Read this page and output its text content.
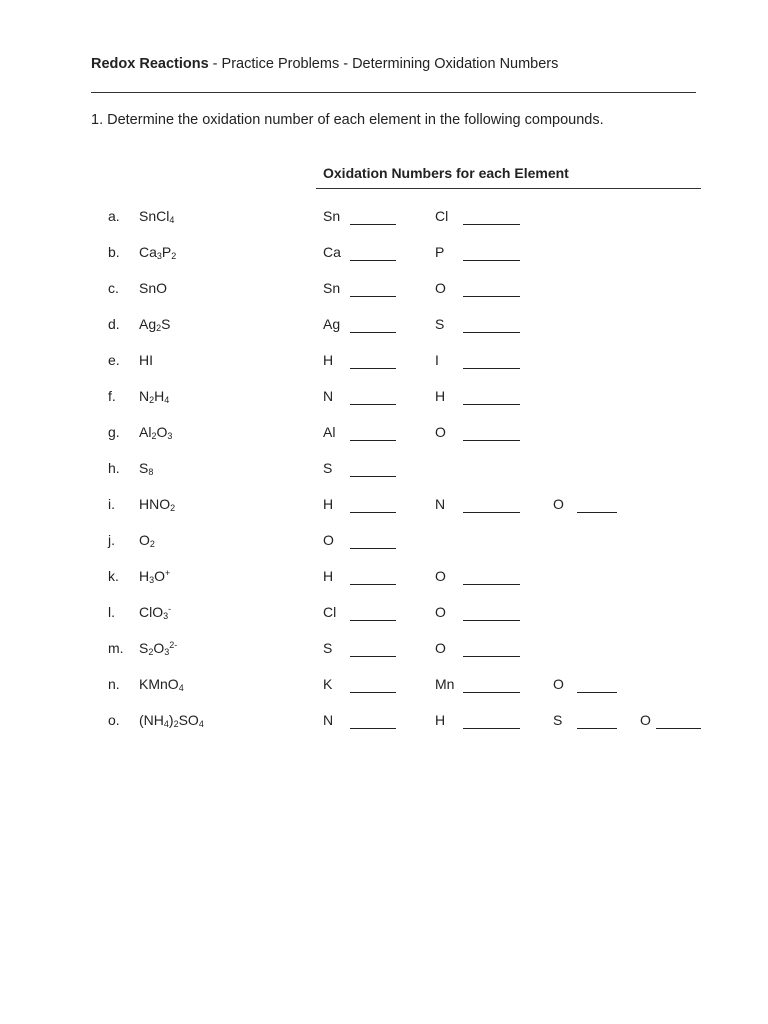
Redox Reactions - Practice Problems - Determining Oxidation Numbers
1. Determine the oxidation number of each element in the following compounds.
Oxidation Numbers for each Element
a. SnCl$_4$	Sn	Cl
b. $Ca_3P_2$	Ca	P
c. SnO	Sn	O
d. $Ag_2S$	Ag	S
e. HI	H	I
f. $N_2H_4$	N	H
g. $Al_2O_3$	Al	O
h. $S_8$	S
i. $HNO_2$	H	N	O
j. $O_2$	O
k. $H_3O^+$	H	O
l. ClO$_3$-	Cl	O
m. $S_2O_3^{2-}$	S	O
n. KMnO$_4$	K	Mn	O
o. $(NH_4)_2SO_4$	N	H	S	O
